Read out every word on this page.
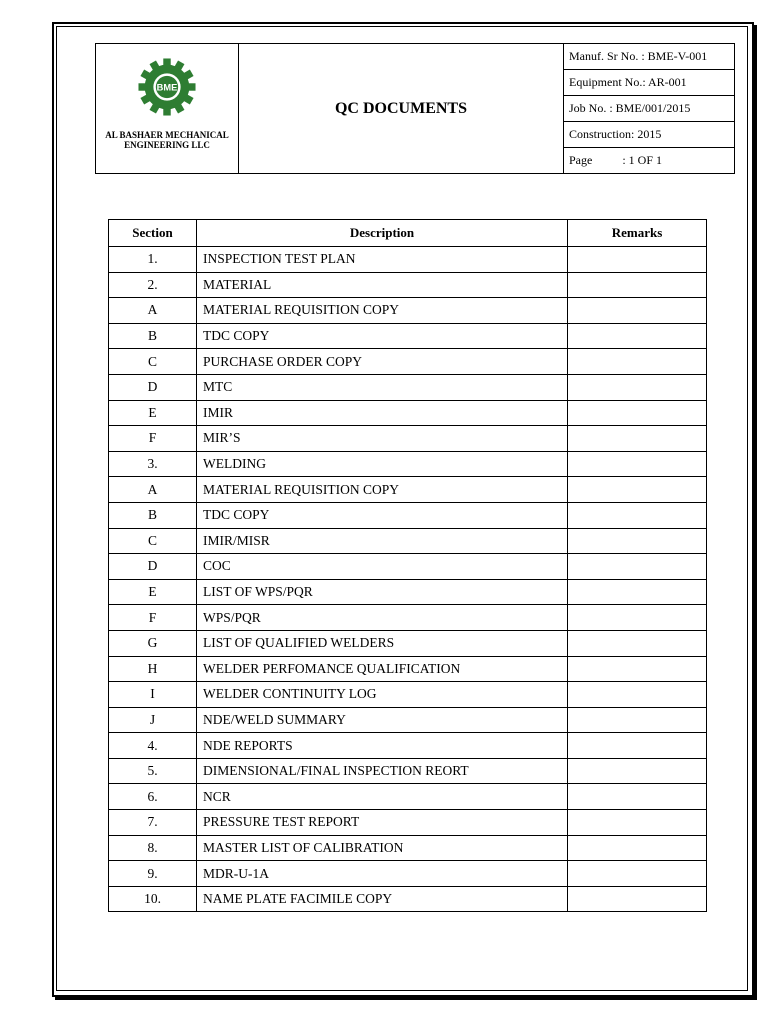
BME
AL BASHAER MECHANICAL ENGINEERING LLC
QC DOCUMENTS
Manuf. Sr No. : BME-V-001
Equipment No.: AR-001
Job No. : BME/001/2015
Construction: 2015
Page          : 1 OF 1
Section	Description	Remarks
1.	INSPECTION TEST PLAN	
2.	MATERIAL	
A	MATERIAL REQUISITION COPY	
B	TDC COPY	
C	PURCHASE ORDER COPY	
D	MTC	
E	IMIR	
F	MIR’S	
3.	WELDING	
A	MATERIAL REQUISITION COPY	
B	TDC COPY	
C	IMIR/MISR	
D	COC	
E	LIST OF WPS/PQR	
F	WPS/PQR	
G	LIST OF QUALIFIED WELDERS	
H	WELDER PERFOMANCE QUALIFICATION	
I	WELDER CONTINUITY LOG	
J	NDE/WELD SUMMARY	
4.	NDE REPORTS	
5.	DIMENSIONAL/FINAL INSPECTION REORT	
6.	NCR	
7.	PRESSURE TEST REPORT	
8.	MASTER LIST OF CALIBRATION	
9.	MDR-U-1A	
10.	NAME PLATE FACIMILE COPY	
